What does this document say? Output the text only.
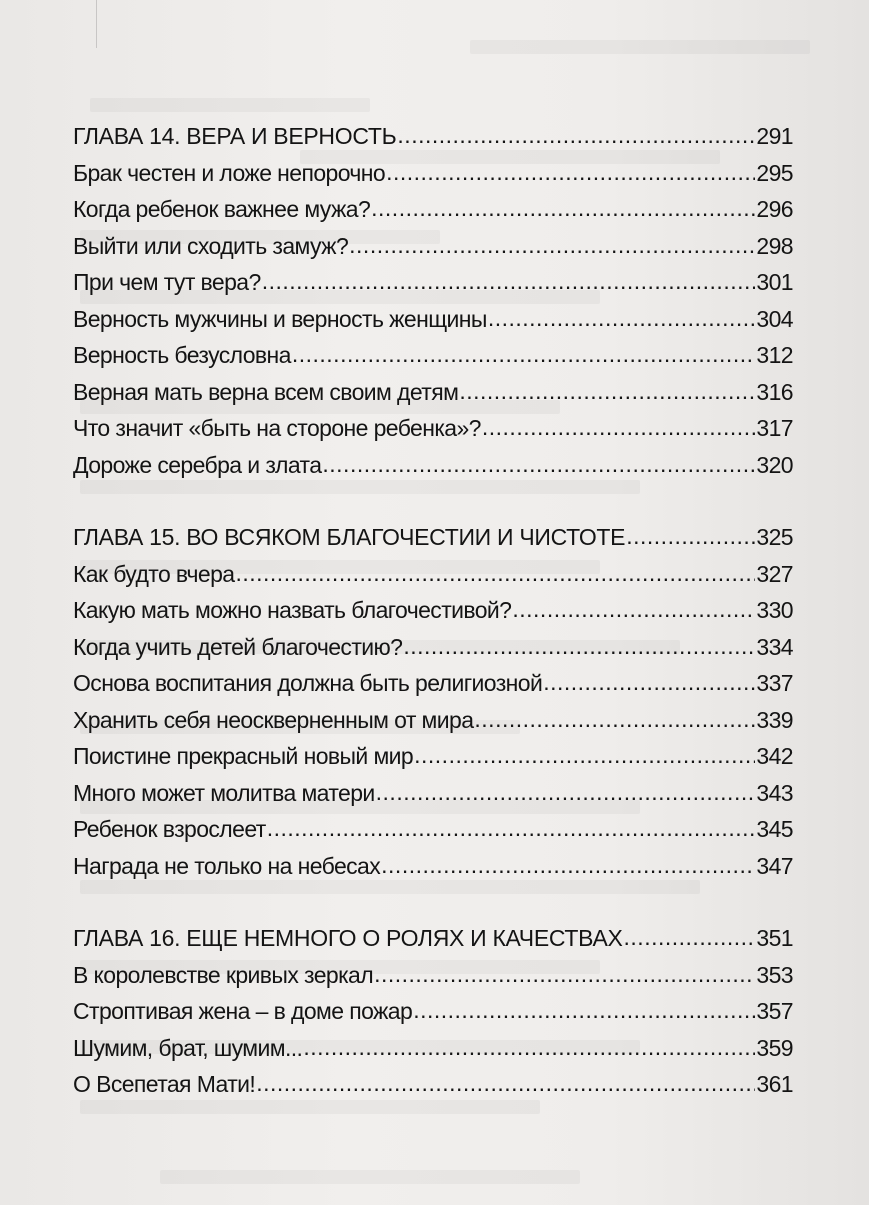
ГЛАВА 14. ВЕРА И ВЕРНОСТЬ .....	291
Брак честен и ложе непорочно .....	295
Когда ребенок важнее мужа? .....	296
Выйти или сходить замуж? .....	298
При чем тут вера? .....	301
Верность мужчины и верность женщины .....	304
Верность безусловна .....	312
Верная мать верна всем своим детям .....	316
Что значит «быть на стороне ребенка»? .....	317
Дороже серебра и злата .....	320
ГЛАВА 15. ВО ВСЯКОМ БЛАГОЧЕСТИИ И ЧИСТОТЕ .....	325
Как будто вчера .....	327
Какую мать можно назвать благочестивой? .....	330
Когда учить детей благочестию? .....	334
Основа воспитания должна быть религиозной .....	337
Хранить себя неоскверненным от мира .....	339
Поистине прекрасный новый мир .....	342
Много может молитва матери .....	343
Ребенок взрослеет .....	345
Награда не только на небесах .....	347
ГЛАВА 16. ЕЩЕ НЕМНОГО О РОЛЯХ И КАЧЕСТВАХ .....	351
В королевстве кривых зеркал .....	353
Строптивая жена – в доме пожар .....	357
Шумим, брат, шумим... .....	359
О Всепетая Мати! .....	361
